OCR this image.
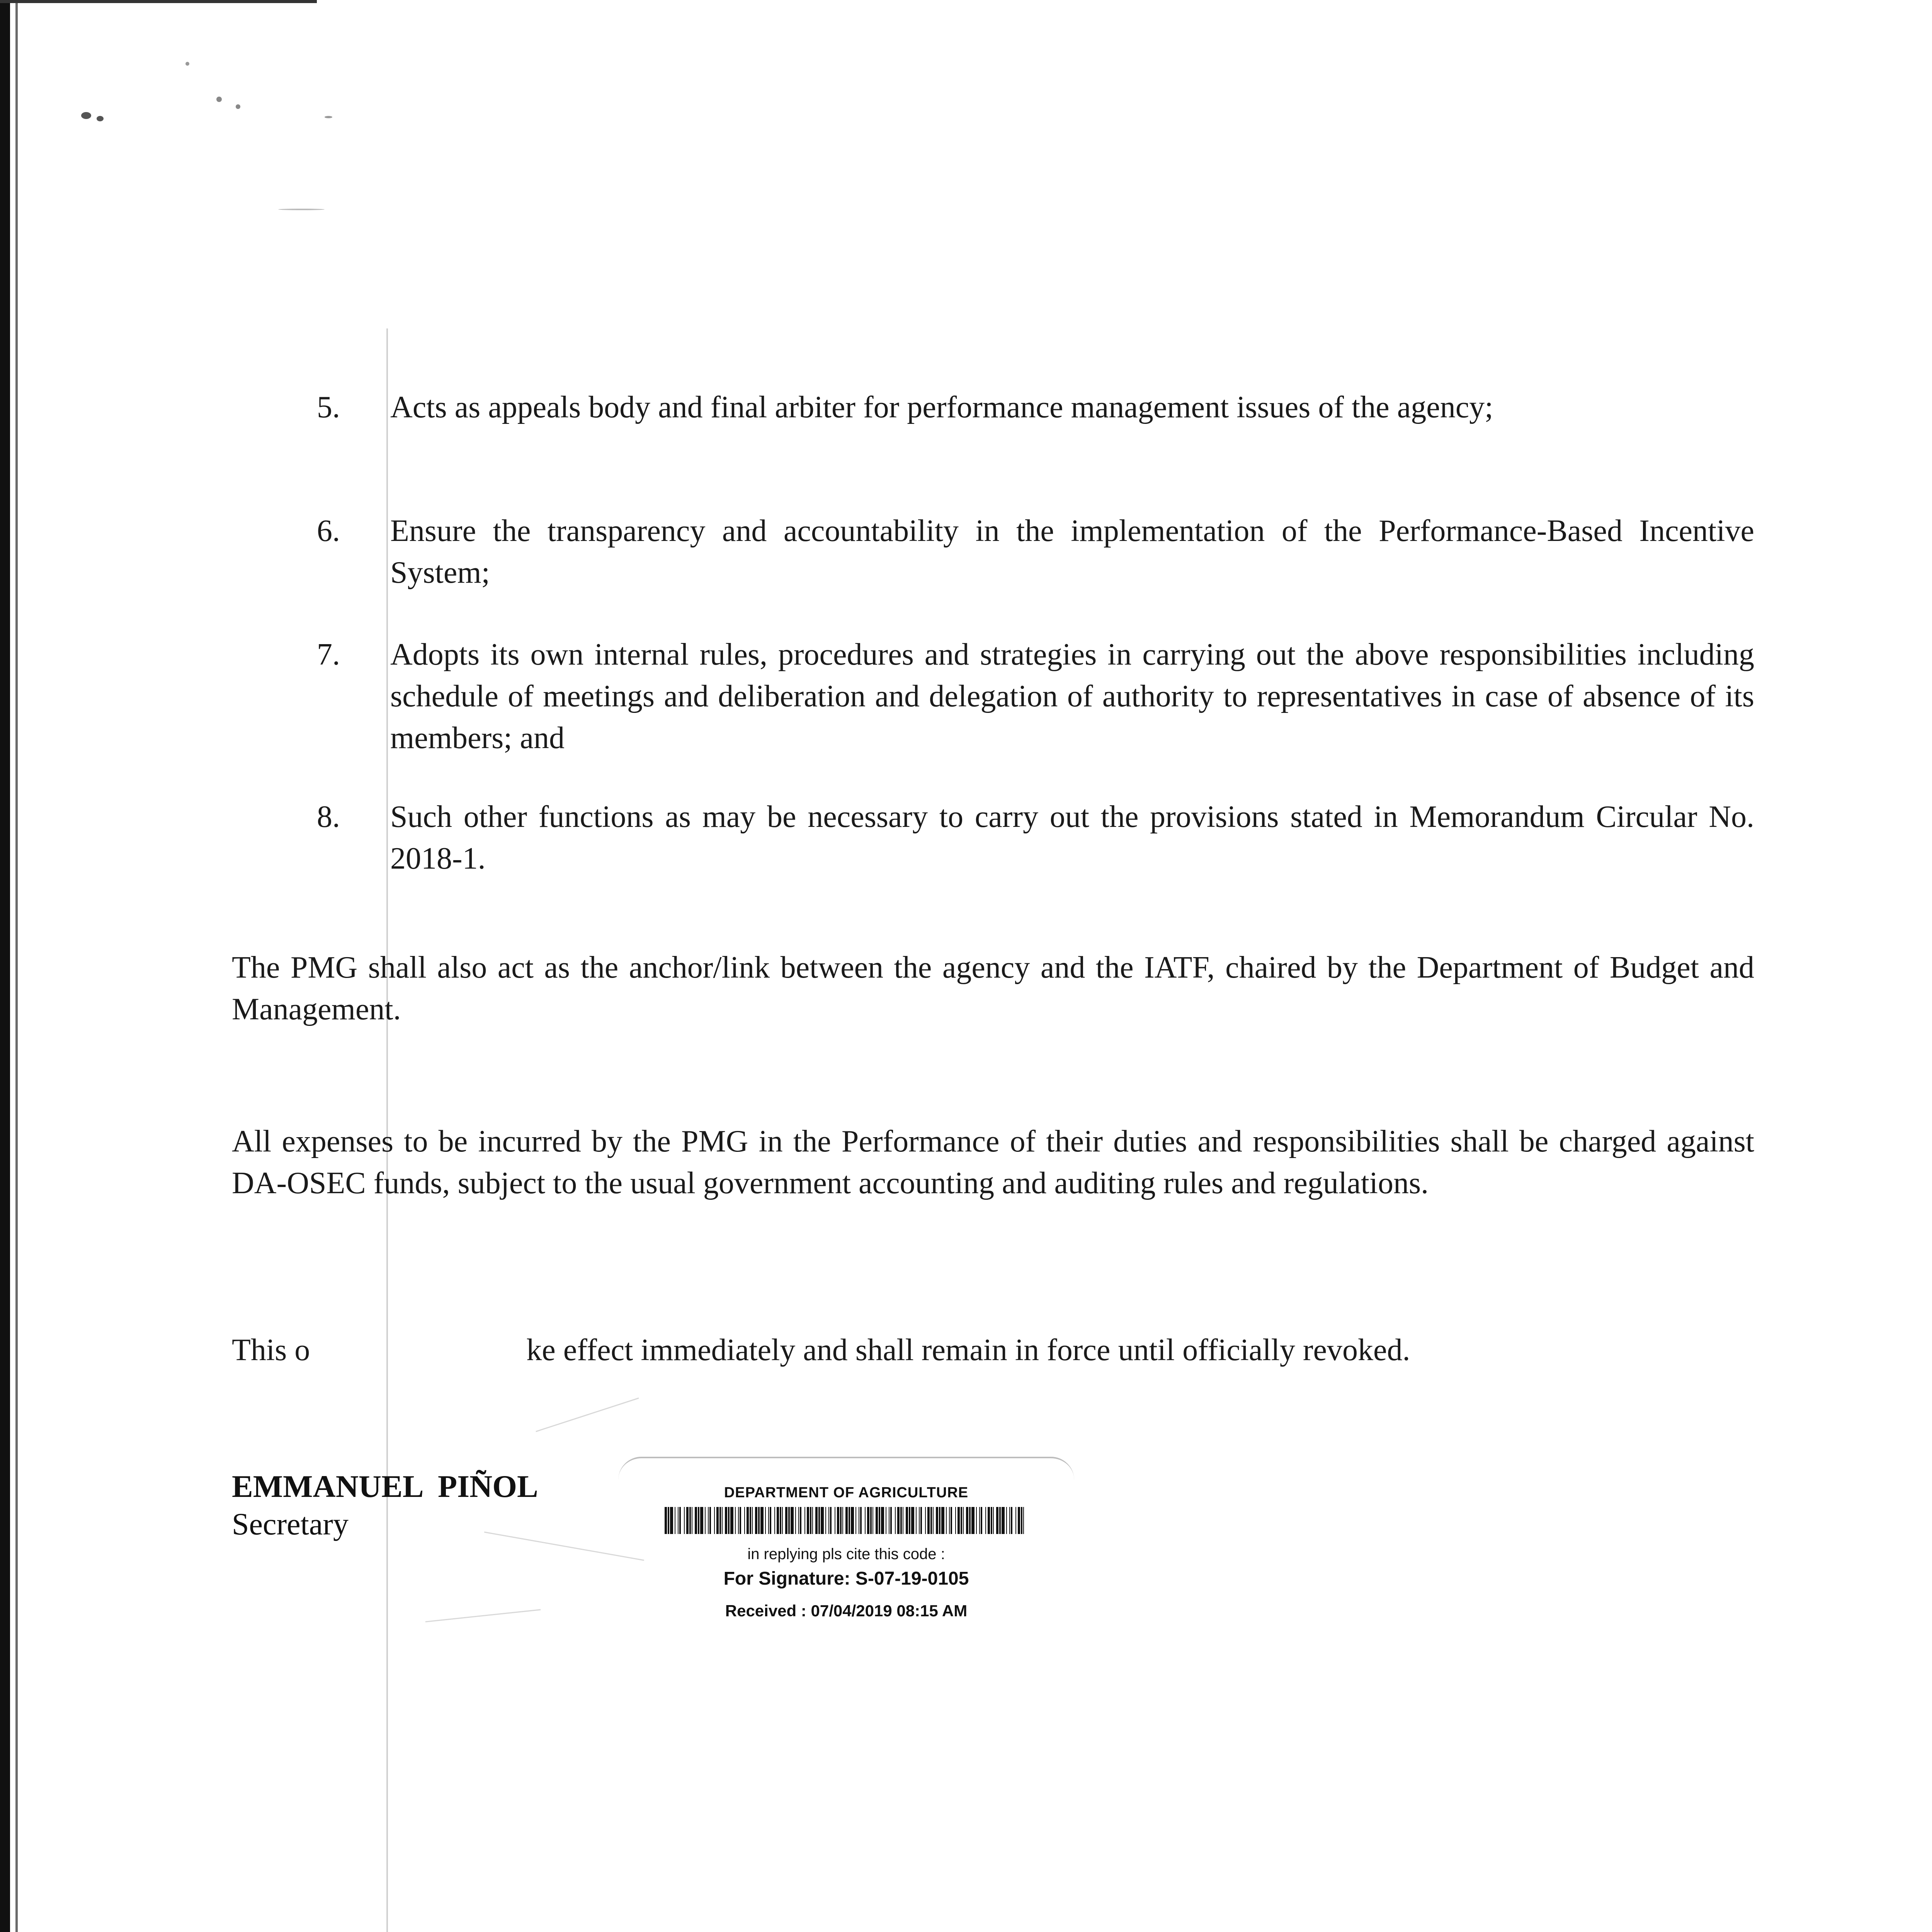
5.	Acts as appeals body and final arbiter for performance management issues of the agency;
6.	Ensure the transparency and accountability in the implementation of the Performance-Based Incentive System;
7.	Adopts its own internal rules, procedures and strategies in carrying out the above responsibilities including schedule of meetings and deliberation and delegation of authority to representatives in case of absence of its members; and
8.	Such other functions as may be necessary to carry out the provisions stated in Memorandum Circular No. 2018-1.
The PMG shall also act as the anchor/link between the agency and the IATF, chaired by the Department of Budget and Management.
All expenses to be incurred by the PMG in the Performance of their duties and responsibilities shall be charged against DA-OSEC funds, subject to the usual government accounting and auditing rules and regulations.
This o	ke effect immediately and shall remain in force until officially revoked.
EMMANUEL  PIÑOL
Secretary
DEPARTMENT OF AGRICULTURE
in replying pls cite this code :
For Signature: S-07-19-0105
Received : 07/04/2019 08:15 AM
